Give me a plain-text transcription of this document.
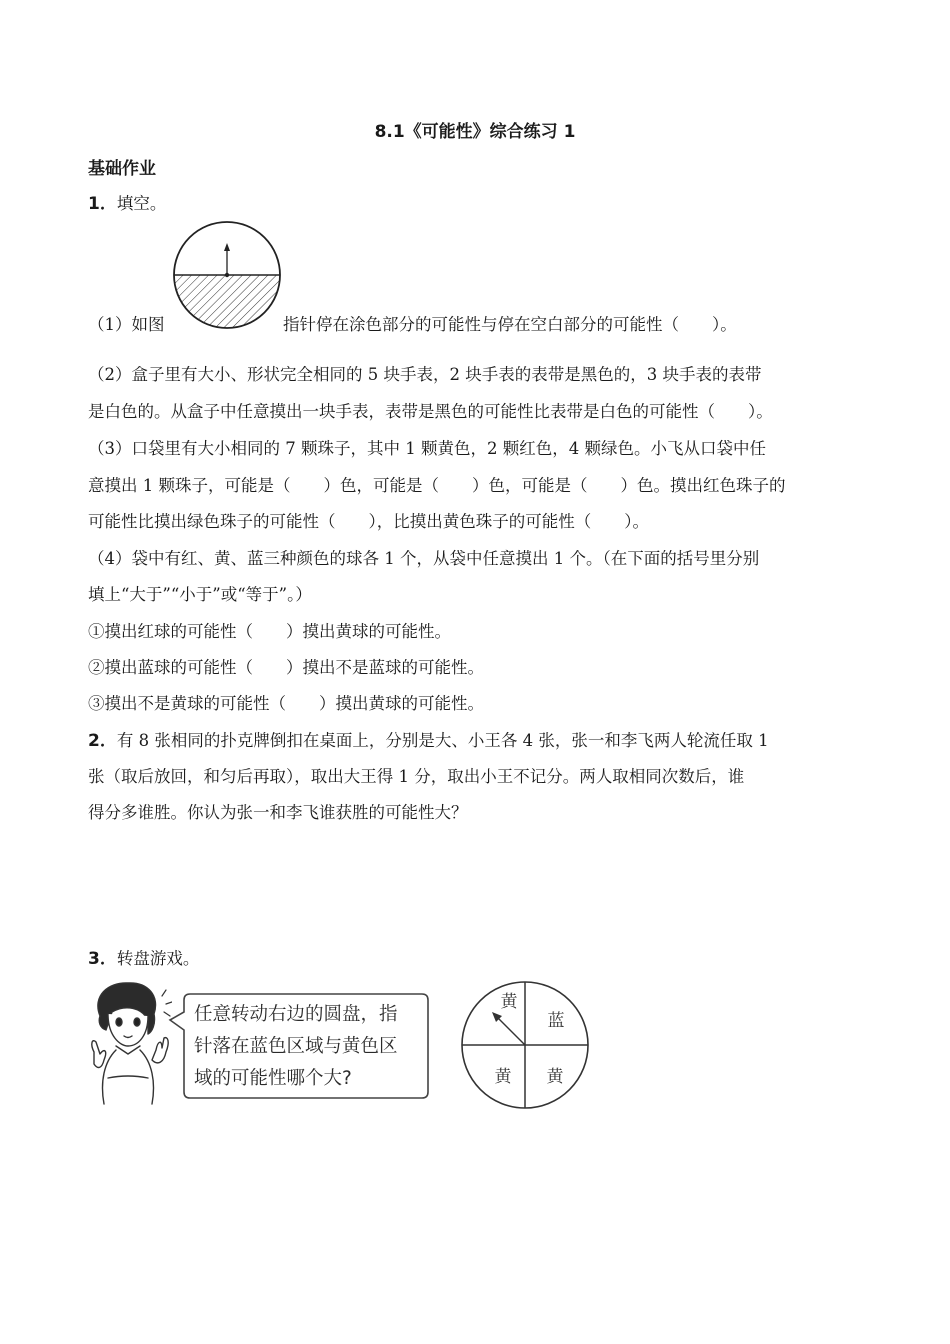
8.1《可能性》综合练习 1
基础作业
1．填空。
（1）如图	指针停在涂色部分的可能性与停在空白部分的可能性（　　）。
（2）盒子里有大小、形状完全相同的 5 块手表，2 块手表的表带是黑色的，3 块手表的表带
是白色的。从盒子中任意摸出一块手表，表带是黑色的可能性比表带是白色的可能性（　　）。
（3）口袋里有大小相同的 7 颗珠子，其中 1 颗黄色，2 颗红色，4 颗绿色。小飞从口袋中任
意摸出 1 颗珠子，可能是（　　）色，可能是（　　）色，可能是（　　）色。摸出红色珠子的
可能性比摸出绿色珠子的可能性（　　），比摸出黄色珠子的可能性（　　）。
（4）袋中有红、黄、蓝三种颜色的球各 1 个，从袋中任意摸出 1 个。（在下面的括号里分别
填上“大于”“小于”或“等于”。）
①摸出红球的可能性（　　）摸出黄球的可能性。
②摸出蓝球的可能性（　　）摸出不是蓝球的可能性。
③摸出不是黄球的可能性（　　）摸出黄球的可能性。
2．有 8 张相同的扑克牌倒扣在桌面上，分别是大、小王各 4 张，张一和李飞两人轮流任取 1
张（取后放回，和匀后再取），取出大王得 1 分，取出小王不记分。两人取相同次数后，谁
得分多谁胜。你认为张一和李飞谁获胜的可能性大？
3．转盘游戏。
任意转动右边的圆盘，指
针落在蓝色区域与黄色区
域的可能性哪个大?
黄
蓝
黄 黄
